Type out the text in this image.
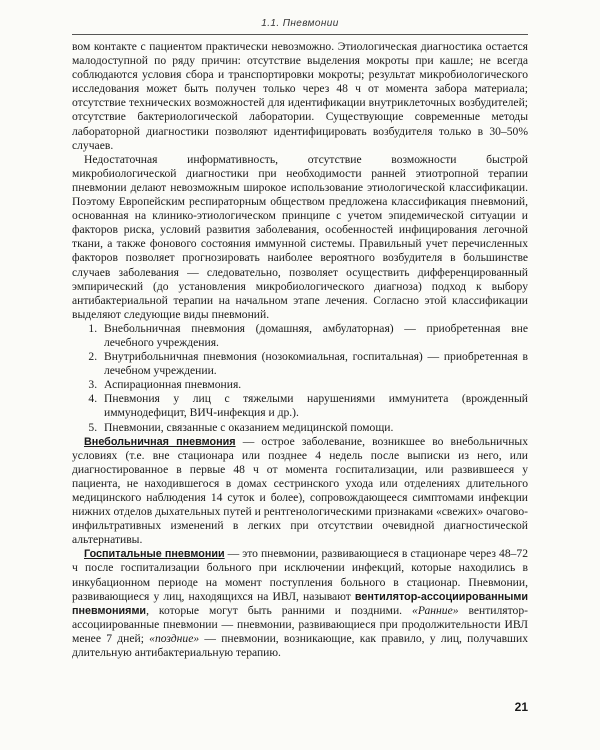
1.1. Пневмонии

вом контакте с пациентом практически невозможно. Этиологическая диагностика остается малодоступной по ряду причин: отсутствие выделения мокроты при кашле; не всегда соблюдаются условия сбора и транспортировки мокроты; результат микробиологического исследования может быть получен только через 48 ч от момента забора материала; отсутствие технических возможностей для идентификации внутриклеточных возбудителей; отсутствие бактериологической лаборатории. Существующие современные методы лабораторной диагностики позволяют идентифицировать возбудителя только в 30–50% случаев.

Недостаточная информативность, отсутствие возможности быстрой микробиологической диагностики при необходимости ранней этиотропной терапии пневмонии делают невозможным широкое использование этиологической классификации. Поэтому Европейским респираторным обществом предложена классификация пневмоний, основанная на клинико-этиологическом принципе с учетом эпидемической ситуации и факторов риска, условий развития заболевания, особенностей инфицирования легочной ткани, а также фонового состояния иммунной системы. Правильный учет перечисленных факторов позволяет прогнозировать наиболее вероятного возбудителя в большинстве случаев заболевания — следовательно, позволяет осуществить дифференцированный эмпирический (до установления микробиологического диагноза) подход к выбору антибактериальной терапии на начальном этапе лечения. Согласно этой классификации выделяют следующие виды пневмоний.

1. Внебольничная пневмония (домашняя, амбулаторная) — приобретенная вне лечебного учреждения.
2. Внутрибольничная пневмония (нозокомиальная, госпитальная) — приобретенная в лечебном учреждении.
3. Аспирационная пневмония.
4. Пневмония у лиц с тяжелыми нарушениями иммунитета (врожденный иммунодефицит, ВИЧ-инфекция и др.).
5. Пневмонии, связанные с оказанием медицинской помощи.

Внебольничная пневмония — острое заболевание, возникшее во внебольничных условиях (т.е. вне стационара или позднее 4 недель после выписки из него, или диагностированное в первые 48 ч от момента госпитализации, или развившееся у пациента, не находившегося в домах сестринского ухода или отделениях длительного медицинского наблюдения 14 суток и более), сопровождающееся симптомами инфекции нижних отделов дыхательных путей и рентгенологическими признаками «свежих» очагово-инфильтративных изменений в легких при отсутствии очевидной диагностической альтернативы.

Госпитальные пневмонии — это пневмонии, развивающиеся в стационаре через 48–72 ч после госпитализации больного при исключении инфекций, которые находились в инкубационном периоде на момент поступления больного в стационар. Пневмонии, развивающиеся у лиц, находящихся на ИВЛ, называют вентилятор-ассоциированными пневмониями, которые могут быть ранними и поздними. «Ранние» вентилятор-ассоциированные пневмонии — пневмонии, развивающиеся при продолжительности ИВЛ менее 7 дней; «поздние» — пневмонии, возникающие, как правило, у лиц, получавших длительную антибактериальную терапию.

21
